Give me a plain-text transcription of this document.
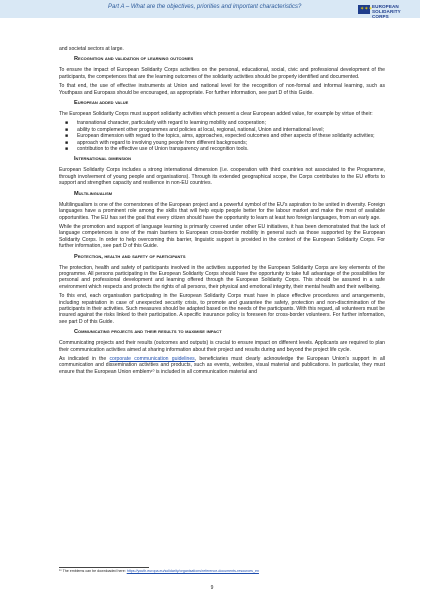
Part A – What are the objectives, priorities and important characteristics?	✶✶✶ EUROPEAN
SOLIDARITY
CORPS

and societal sectors at large.

Recognition and validation of learning outcomes

To ensure the impact of European Solidarity Corps activities on the personal, educational, social, civic and professional development of the participants, the competences that are the learning outcomes of the solidarity activities should be properly identified and documented.

To that end, the use of effective instruments at Union and national level for the recognition of non-formal and informal learning, such as Youthpass and Europass should be encouraged, as appropriate. For further information, see part D of this Guide.

European added value

The European Solidarity Corps must support solidarity activities which present a clear European added value, for example by virtue of their:

■ transnational character, particularly with regard to learning mobility and cooperation;
■ ability to complement other programmes and policies at local, regional, national, Union and international level;
■ European dimension with regard to the topics, aims, approaches, expected outcomes and other aspects of these solidarity activities;
■ approach with regard to involving young people from different backgrounds;
■ contribution to the effective use of Union transparency and recognition tools.
International dimension

European Solidarity Corps includes a strong international dimension (i.e. cooperation with third countries not associated to the Programme, through involvement of young people and organisations). Through its extended geographical scope, the Corps contributes to the EU efforts to support and strengthen capacity and resilience in non-EU countries.

Multilingualism

Multilingualism is one of the cornerstones of the European project and a powerful symbol of the EU's aspiration to be united in diversity. Foreign languages have a prominent role among the skills that will help equip people better for the labour market and make the most of available opportunities. The EU has set the goal that every citizen should have the opportunity to learn at least two foreign languages, from an early age.

While the promotion and support of language learning is primarily covered under other EU initiatives, it has been demonstrated that the lack of language competences is one of the main barriers to European cross-border mobility in general such as those supported by the European Solidarity Corps. In order to help overcoming this barrier, linguistic support is provided in the context of the European Solidarity Corps. For further information, see part D of this Guide.

Protection, health and safety of participants

The protection, health and safety of participants involved in the activities supported by the European Solidarity Corps are key elements of the programme. All persons participating in the European Solidarity Corps should have the opportunity to take full advantage of the possibilities for personal and professional development and learning offered through the European Solidarity Corps. This should be assured in a safe environment which respects and protects the rights of all persons, their physical and emotional integrity, their mental health and their wellbeing.

To this end, each organisation participating in the European Solidarity Corps must have in place effective procedures and arrangements, including repatriation in case of unexpected security crisis, to promote and guarantee the safety, protection and non-discrimination of the participants in their activities. Such measures should be adapted based on the needs of the participants. With this regard, all volunteers must be insured against the risks linked to their participation. A specific insurance policy is foreseen for cross-border volunteers. For further information, see part D of this Guide.

Communicating projects and their results to maximise impact

Communicating projects and their results (outcomes and outputs) is crucial to ensure impact on different levels. Applicants are required to plan their communication activities aimed at sharing information about their project and results during and beyond the project life cycle.

As indicated in the corporate communication guidelines, beneficiaries must clearly acknowledge the European Union's support in all communication and dissemination activities and products, such as events, websites, visual material and publications. In particular, they must ensure that the European Union emblem¹⁰ is included in all communication material and

¹⁰ The emblems can be downloaded here: https://youth.europa.eu/solidarity/organisations/reference-documents-resources_en
9
